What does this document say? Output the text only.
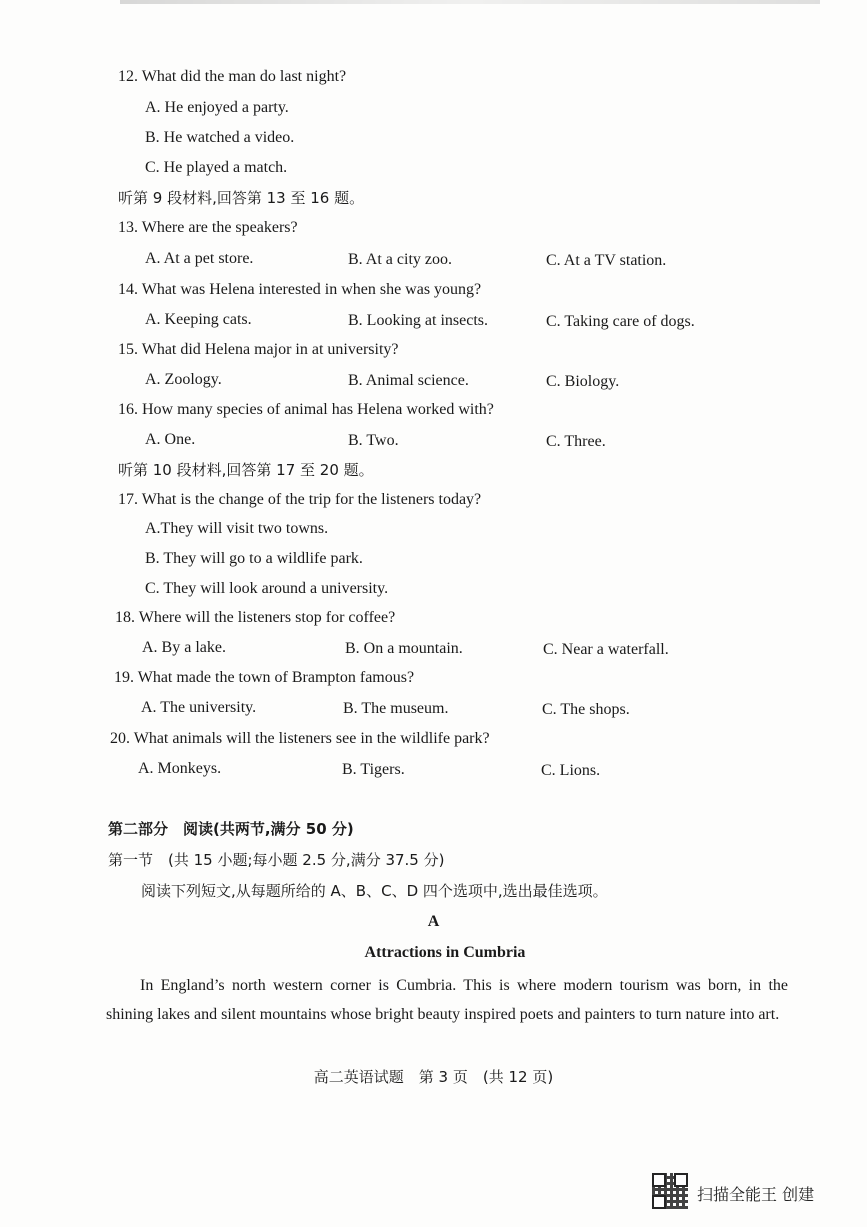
12. What did the man do last night?
A. He enjoyed a party.
B. He watched a video.
C. He played a match.
听第 9 段材料,回答第 13 至 16 题。
13. Where are the speakers?
A. At a pet store.	B. At a city zoo.	C. At a TV station.
14. What was Helena interested in when she was young?
A. Keeping cats.	B. Looking at insects.	C. Taking care of dogs.
15. What did Helena major in at university?
A. Zoology.	B. Animal science.	C. Biology.
16. How many species of animal has Helena worked with?
A. One.	B. Two.	C. Three.
听第 10 段材料,回答第 17 至 20 题。
17. What is the change of the trip for the listeners today?
A.They will visit two towns.
B. They will go to a wildlife park.
C. They will look around a university.
18. Where will the listeners stop for coffee?
A. By a lake.	B. On a mountain.	C. Near a waterfall.
19. What made the town of Brampton famous?
A. The university.	B. The museum.	C. The shops.
20. What animals will the listeners see in the wildlife park?
A. Monkeys.	B. Tigers.	C. Lions.
第二部分　阅读(共两节,满分 50 分)
第一节　(共 15 小题;每小题 2.5 分,满分 37.5 分)
阅读下列短文,从每题所给的 A、B、C、D 四个选项中,选出最佳选项。
A
Attractions in Cumbria
In England’s north western corner is Cumbria. This is where modern tourism was born, in the shining lakes and silent mountains whose bright beauty inspired poets and painters to turn nature into art.
高二英语试题　第 3 页　(共 12 页)
扫描全能王 创建
